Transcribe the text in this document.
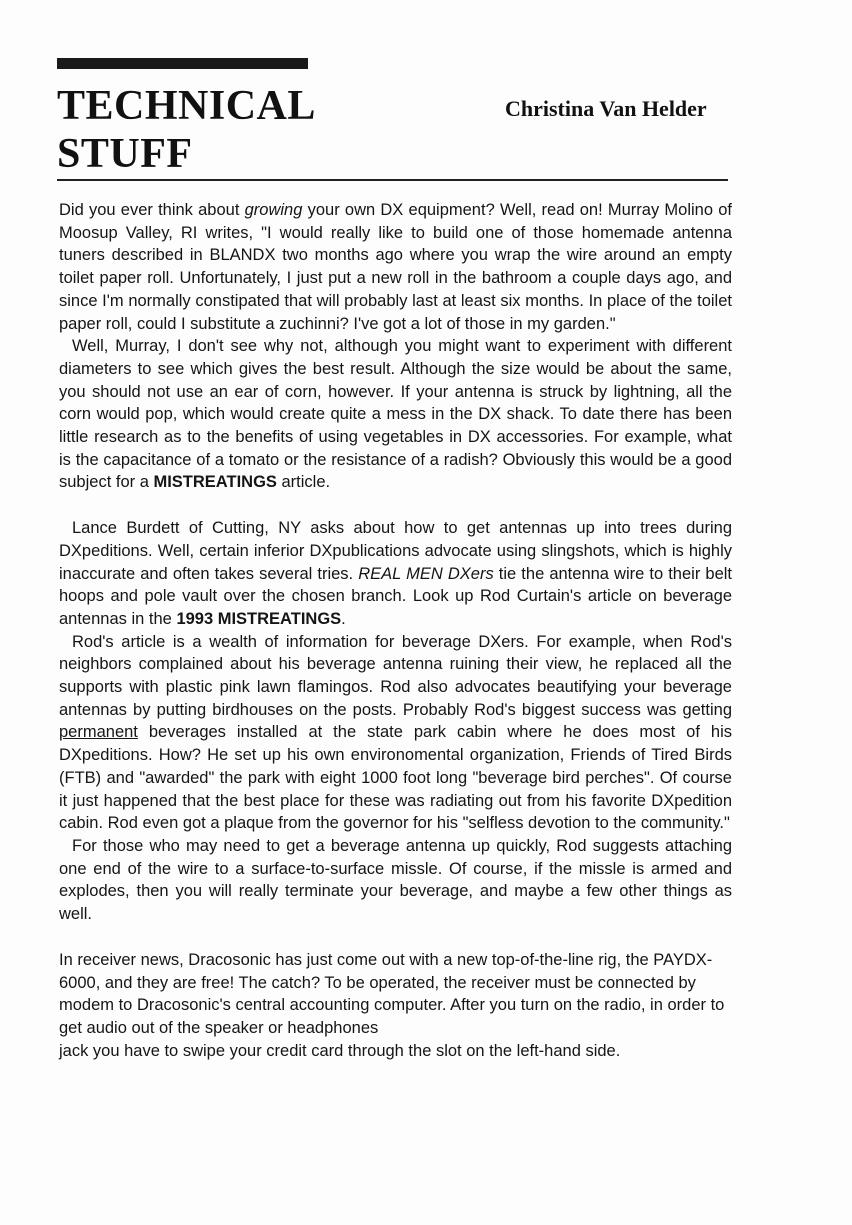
TECHNICAL
STUFF
Christina Van Helder

Did you ever think about growing your own DX equipment? Well, read on! Murray Molino of Moosup Valley, RI writes, "I would really like to build one of those homemade antenna tuners described in BLANDX two months ago where you wrap the wire around an empty toilet paper roll. Unfortunately, I just put a new roll in the bathroom a couple days ago, and since I'm normally constipated that will probably last at least six months. In place of the toilet paper roll, could I substitute a zuchinni? I've got a lot of those in my garden."

Well, Murray, I don't see why not, although you might want to experiment with different diameters to see which gives the best result. Although the size would be about the same, you should not use an ear of corn, however. If your antenna is struck by lightning, all the corn would pop, which would create quite a mess in the DX shack. To date there has been little research as to the benefits of using vegetables in DX accessories. For example, what is the capacitance of a tomato or the resistance of a radish? Obviously this would be a good subject for a MISTREATINGS article.

Lance Burdett of Cutting, NY asks about how to get antennas up into trees during DXpeditions. Well, certain inferior DXpublications advocate using slingshots, which is highly inaccurate and often takes several tries. REAL MEN DXers tie the antenna wire to their belt hoops and pole vault over the chosen branch. Look up Rod Curtain's article on beverage antennas in the 1993 MISTREATINGS.

Rod's article is a wealth of information for beverage DXers. For example, when Rod's neighbors complained about his beverage antenna ruining their view, he replaced all the supports with plastic pink lawn flamingos. Rod also advocates beautifying your beverage antennas by putting birdhouses on the posts. Probably Rod's biggest success was getting permanent beverages installed at the state park cabin where he does most of his DXpeditions. How? He set up his own environomental organization, Friends of Tired Birds (FTB) and "awarded" the park with eight 1000 foot long "beverage bird perches". Of course it just happened that the best place for these was radiating out from his favorite DXpedition cabin. Rod even got a plaque from the governor for his "selfless devotion to the community."

For those who may need to get a beverage antenna up quickly, Rod suggests attaching one end of the wire to a surface-to-surface missle. Of course, if the missle is armed and explodes, then you will really terminate your beverage, and maybe a few other things as well.

In receiver news, Dracosonic has just come out with a new top-of-the-line rig, the PAYDX-6000, and they are free! The catch? To be operated, the receiver must be connected by modem to Dracosonic's central accounting computer. After you turn on the radio, in order to get audio out of the speaker or headphones

jack you have to swipe your credit card through the slot on the left-hand side.
